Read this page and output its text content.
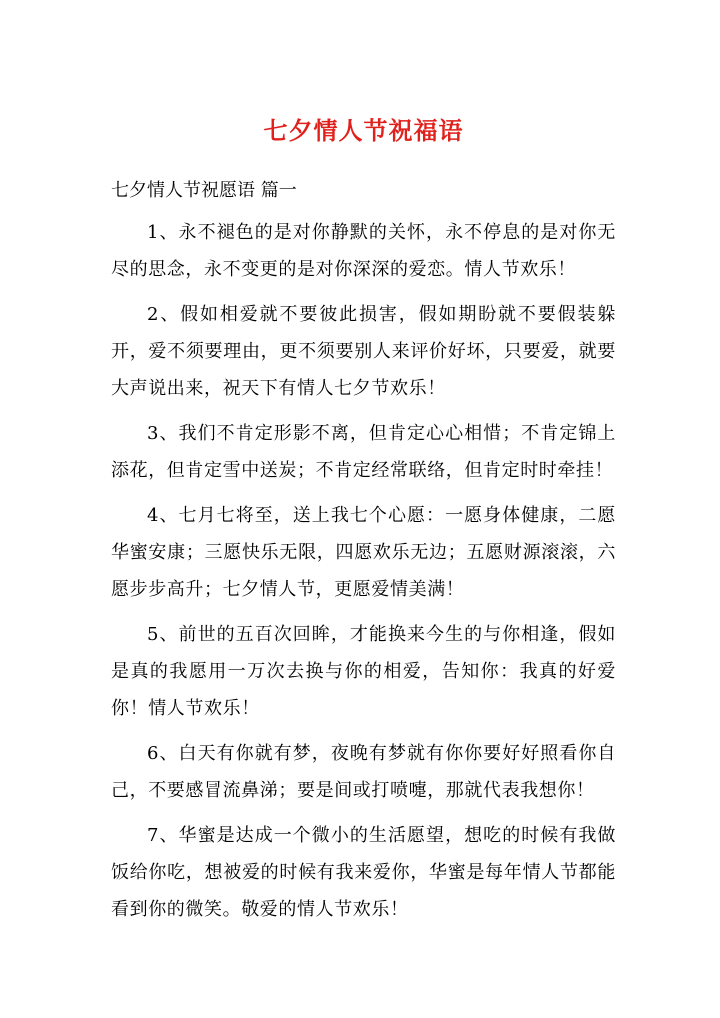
七夕情人节祝福语
七夕情人节祝愿语 篇一

1、永不褪色的是对你静默的关怀，永不停息的是对你无尽的思念，永不变更的是对你深深的爱恋。情人节欢乐！

2、假如相爱就不要彼此损害，假如期盼就不要假装躲开，爱不须要理由，更不须要别人来评价好坏，只要爱，就要大声说出来，祝天下有情人七夕节欢乐！

3、我们不肯定形影不离，但肯定心心相惜；不肯定锦上添花，但肯定雪中送炭；不肯定经常联络，但肯定时时牵挂！

4、七月七将至，送上我七个心愿：一愿身体健康，二愿华蜜安康；三愿快乐无限，四愿欢乐无边；五愿财源滚滚，六愿步步高升；七夕情人节，更愿爱情美满！

5、前世的五百次回眸，才能换来今生的与你相逢，假如是真的我愿用一万次去换与你的相爱，告知你：我真的好爱你！情人节欢乐！

6、白天有你就有梦，夜晚有梦就有你你要好好照看你自己，不要感冒流鼻涕；要是间或打喷嚏，那就代表我想你！

7、华蜜是达成一个微小的生活愿望，想吃的时候有我做饭给你吃，想被爱的时候有我来爱你，华蜜是每年情人节都能看到你的微笑。敬爱的情人节欢乐！
